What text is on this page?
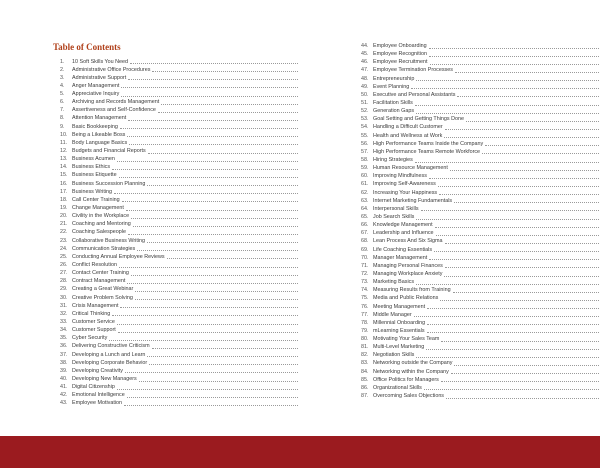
Table of Contents
1.	10 Soft Skills You Need
2.	Administrative Office Procedures
3.	Administrative Support
4.	Anger Management
5.	Appreciative Inquiry
6.	Archiving and Records Management
7.	Assertiveness and Self-Confidence
8.	Attention Management
9.	Basic Bookkeeping
10. Being a Likeable Boss
11. Body Language Basics
12. Budgets and Financial Reports
13. Business Acumen
14. Business Ethics
15. Business Etiquette
16. Business Succession Planning
17. Business Writing
18. Call Center Training
19. Change Management
20. Civility in the Workplace
21. Coaching and Mentoring
22. Coaching Salespeople
23. Collaborative Business Writing
24. Communication Strategies
25. Conducting Annual Employee Reviews
26. Conflict Resolution
27. Contact Center Training
28. Contract Management
29. Creating a Great Webinar
30. Creative Problem Solving
31. Crisis Management
32. Critical Thinking
33. Customer Service
34. Customer Support
35. Cyber Security
36. Delivering Constructive Criticism
37. Developing a Lunch and Learn
38. Developing Corporate Behavior
39. Developing Creativity
40. Developing New Managers
41. Digital Citizenship
42. Emotional Intelligence
43. Employee Motivation
44. Employee Onboarding
45. Employee Recognition
46. Employee Recruitment
47. Employee Termination Processes
48. Entrepreneurship
49. Event Planning
50. Executive and Personal Assistants
51. Facilitation Skills
52. Generation Gaps
53. Goal Setting and Getting Things Done
54. Handling a Difficult Customer
55. Health and Wellness at Work
56. High Performance Teams Inside the Company
57. High Performance Teams Remote Workforce
58. Hiring Strategies
59. Human Resource Management
60. Improving Mindfulness
61. Improving Self-Awareness
62. Increasing Your Happiness
63. Internet Marketing Fundamentals
64. Interpersonal Skills
65. Job Search Skills
66. Knowledge Management
67. Leadership and Influence
68. Lean Process And Six Sigma
69. Life Coaching Essentials
70. Manager Management
71. Managing Personal Finances
72. Managing Workplace Anxiety
73. Marketing Basics
74. Measuring Results from Training
75. Media and Public Relations
76. Meeting Management
77. Middle Manager
78. Millennial Onboarding
79. mLearning Essentials
80. Motivating Your Sales Team
81. Multi-Level Marketing
82. Negotiation Skills
83. Networking outside the Company
84. Networking within the Company
85. Office Politics for Managers
86. Organizational Skills
87. Overcoming Sales Objections
